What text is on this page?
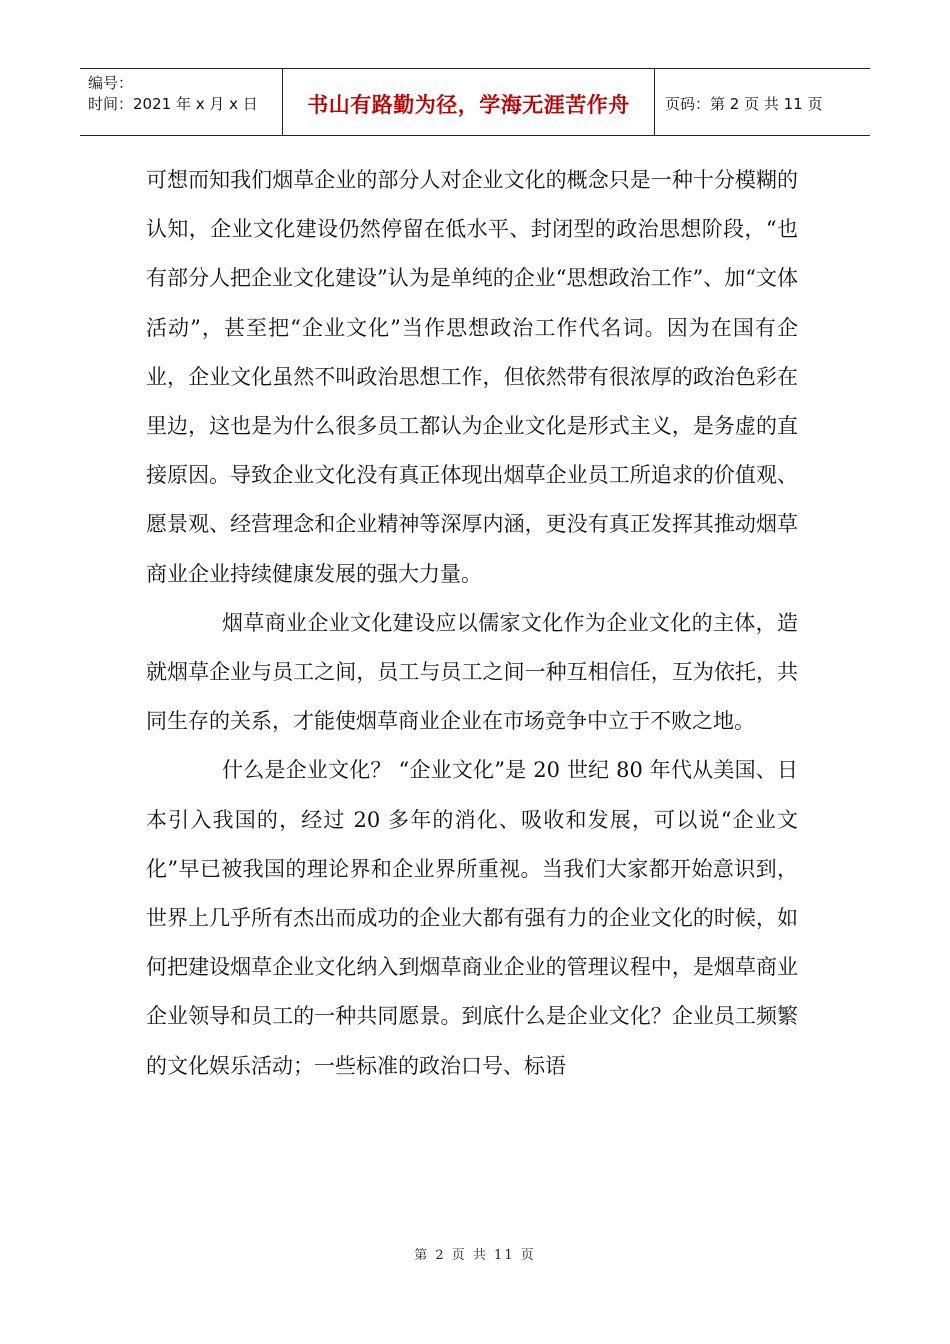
编号：
时间：2021 年 x 月 x 日	书山有路勤为径，学海无涯苦作舟	页码：第 2 页 共 11 页

可想而知我们烟草企业的部分人对企业文化的概念只是一种十分模糊的认知，企业文化建设仍然停留在低水平、封闭型的政治思想阶段，“也有部分人把企业文化建设”认为是单纯的企业“思想政治工作”、加“文体活动”，甚至把“企业文化”当作思想政治工作代名词。因为在国有企业，企业文化虽然不叫政治思想工作，但依然带有很浓厚的政治色彩在里边，这也是为什么很多员工都认为企业文化是形式主义，是务虚的直接原因。导致企业文化没有真正体现出烟草企业员工所追求的价值观、愿景观、经营理念和企业精神等深厚内涵，更没有真正发挥其推动烟草商业企业持续健康发展的强大力量。

烟草商业企业文化建设应以儒家文化作为企业文化的主体，造就烟草企业与员工之间，员工与员工之间一种互相信任，互为依托，共同生存的关系，才能使烟草商业企业在市场竞争中立于不败之地。

什么是企业文化？ “企业文化”是 20 世纪 80 年代从美国、日本引入我国的，经过 20 多年的消化、吸收和发展，可以说“企业文化”早已被我国的理论界和企业界所重视。当我们大家都开始意识到，世界上几乎所有杰出而成功的企业大都有强有力的企业文化的时候，如何把建设烟草企业文化纳入到烟草商业企业的管理议程中，是烟草商业企业领导和员工的一种共同愿景。到底什么是企业文化？企业员工频繁的文化娱乐活动；一些标准的政治口号、标语

第 2 页 共 11 页
